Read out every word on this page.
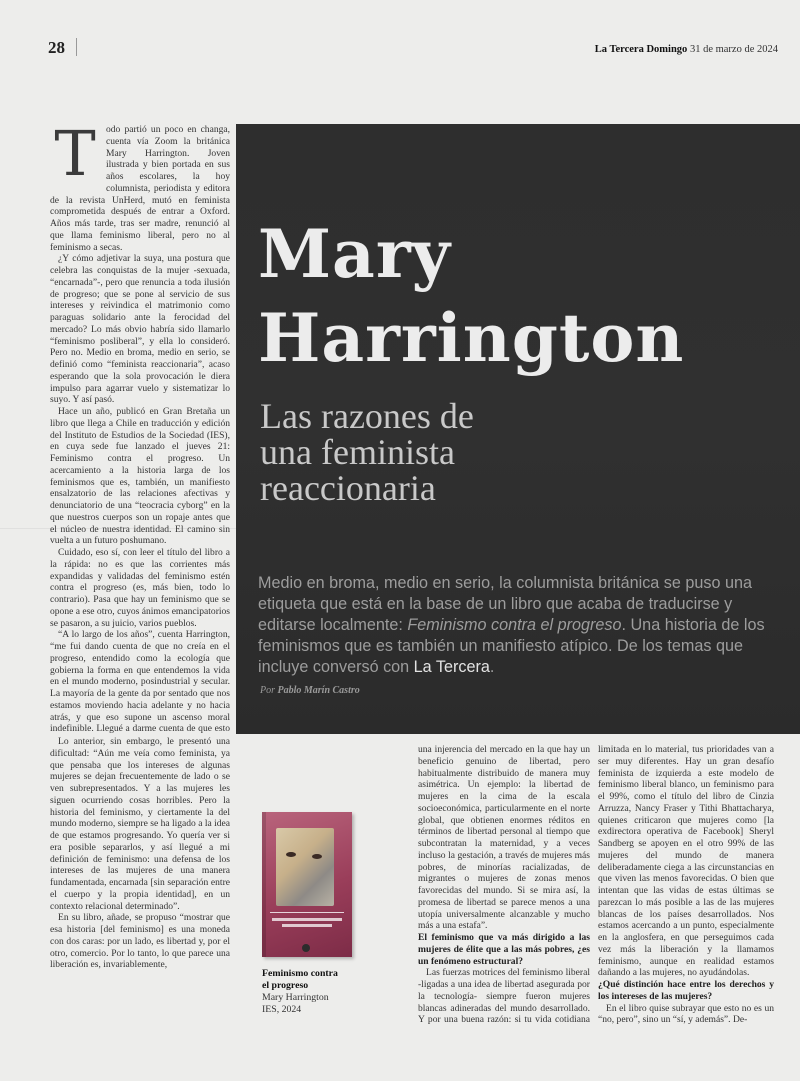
28	La Tercera Domingo 31 de marzo de 2024
Mary
Harrington
Las razones de
una feminista
reaccionaria
Medio en broma, medio en serio, la columnista británica se puso una etiqueta que está en la base de un libro que acaba de traducirse y editarse localmente: Feminismo contra el progreso. Una historia de los feminismos que es también un manifiesto atípico. De los temas que incluye conversó con La Tercera.
Por Pablo Marín Castro
T	odo partió un poco en changa, cuenta vía Zoom la británica Mary Harrington. Joven ilustrada y bien portada en sus años escolares, la hoy columnista, periodista y editora de la revista UnHerd, mutó en feminista comprometida después de entrar a Oxford. Años más tarde, tras ser madre, renunció al que llama feminismo liberal, pero no al feminismo a secas.

¿Y cómo adjetivar la suya, una postura que celebra las conquistas de la mujer -sexuada, “encarnada”-, pero que renuncia a toda ilusión de progreso; que se pone al servicio de sus intereses y reivindica el matrimonio como paraguas solidario ante la ferocidad del mercado? Lo más obvio habría sido llamarlo “feminismo posliberal”, y ella lo consideró. Pero no. Medio en broma, medio en serio, se definió como “feminista reaccionaria”, acaso esperando que la sola provocación le diera impulso para agarrar vuelo y sistematizar lo suyo. Y así pasó.

Hace un año, publicó en Gran Bretaña un libro que llega a Chile en traducción y edición del Instituto de Estudios de la Sociedad (IES), en cuya sede fue lanzado el jueves 21: Feminismo contra el progreso. Un acercamiento a la historia larga de los feminismos que es, también, un manifiesto ensalzatorio de las relaciones afectivas y denunciatorio de una “teocracia cyborg” en la que nuestros cuerpos son un ropaje antes que el núcleo de nuestra identidad. El camino sin vuelta a un futuro poshumano.

Cuidado, eso sí, con leer el título del libro a la rápida: no es que las corrientes más expandidas y validadas del feminismo estén contra el progreso (es, más bien, todo lo contrario). Pasa que hay un feminismo que se opone a ese otro, cuyos ánimos emancipatorios se pasaron, a su juicio, varios pueblos.

“A lo largo de los años”, cuenta Harrington, “me fui dando cuenta de que no creía en el progreso, entendido como la ecología que gobierna la forma en que entendemos la vida en el mundo moderno, posindustrial y secular. La mayoría de la gente da por sentado que nos estamos moviendo hacia adelante y no hacia atrás, y que eso supone un ascenso moral indefinible. Llegué a darme cuenta de que esto

Lo anterior, sin embargo, le presentó una dificultad: “Aún me veía como feminista, ya que pensaba que los intereses de algunas mujeres se dejan frecuentemente de lado o se ven subrepresentados. Y a las mujeres les siguen ocurriendo cosas horribles. Pero la historia del feminismo, y ciertamente la del mundo moderno, siempre se ha ligado a la idea de que estamos progresando. Yo quería ver si era posible separarlos, y así llegué a mi definición de feminismo: una defensa de los intereses de las mujeres de una manera fundamentada, encarnada [sin separación entre el cuerpo y la propia identidad], en un contexto relacional determinado”.

En su libro, añade, se propuso “mostrar que esa historia [del feminismo] es una moneda con dos caras: por un lado, es libertad y, por el otro, comercio. Por lo tanto, lo que parece una liberación es, invariablemente,

Feminismo contra
el progreso
Mary Harrington
IES, 2024

una injerencia del mercado en la que hay un beneficio genuino de libertad, pero habitualmente distribuido de manera muy asimétrica. Un ejemplo: la libertad de mujeres en la cima de la escala socioeconómica, particularmente en el norte global, que obtienen enormes réditos en términos de libertad personal al tiempo que subcontratan la maternidad, y a veces incluso la gestación, a través de mujeres más pobres, de minorías racializadas, de migrantes o mujeres de zonas menos favorecidas del mundo. Si se mira así, la promesa de libertad se parece menos a una utopía universalmente alcanzable y mucho más a una estafa”.

El feminismo que va más dirigido a las mujeres de élite que a las más pobres, ¿es un fenómeno estructural?

Las fuerzas motrices del feminismo liberal -ligadas a una idea de libertad asegurada por la tecnología- siempre fueron mujeres blancas adineradas del mundo desarrollado. Y por una buena razón: si tu vida cotidiana

limitada en lo material, tus prioridades van a ser muy diferentes. Hay un gran desafío feminista de izquierda a este modelo de feminismo liberal blanco, un feminismo para el 99%, como el título del libro de Cinzia Arruzza, Nancy Fraser y Tithi Bhattacharya, quienes criticaron que mujeres como [la exdirectora operativa de Facebook] Sheryl Sandberg se apoyen en el otro 99% de las mujeres del mundo de manera deliberadamente ciega a las circunstancias en que viven las menos favorecidas. O bien que intentan que las vidas de estas últimas se parezcan lo más posible a las de las mujeres blancas de los países desarrollados. Nos estamos acercando a un punto, especialmente en la anglosfera, en que perseguimos cada vez más la liberación y la llamamos feminismo, aunque en realidad estamos dañando a las mujeres, no ayudándolas.

¿Qué distinción hace entre los derechos y los intereses de las mujeres?

En el libro quise subrayar que esto no es un “no, pero”, sino un “sí, y además”. De-
